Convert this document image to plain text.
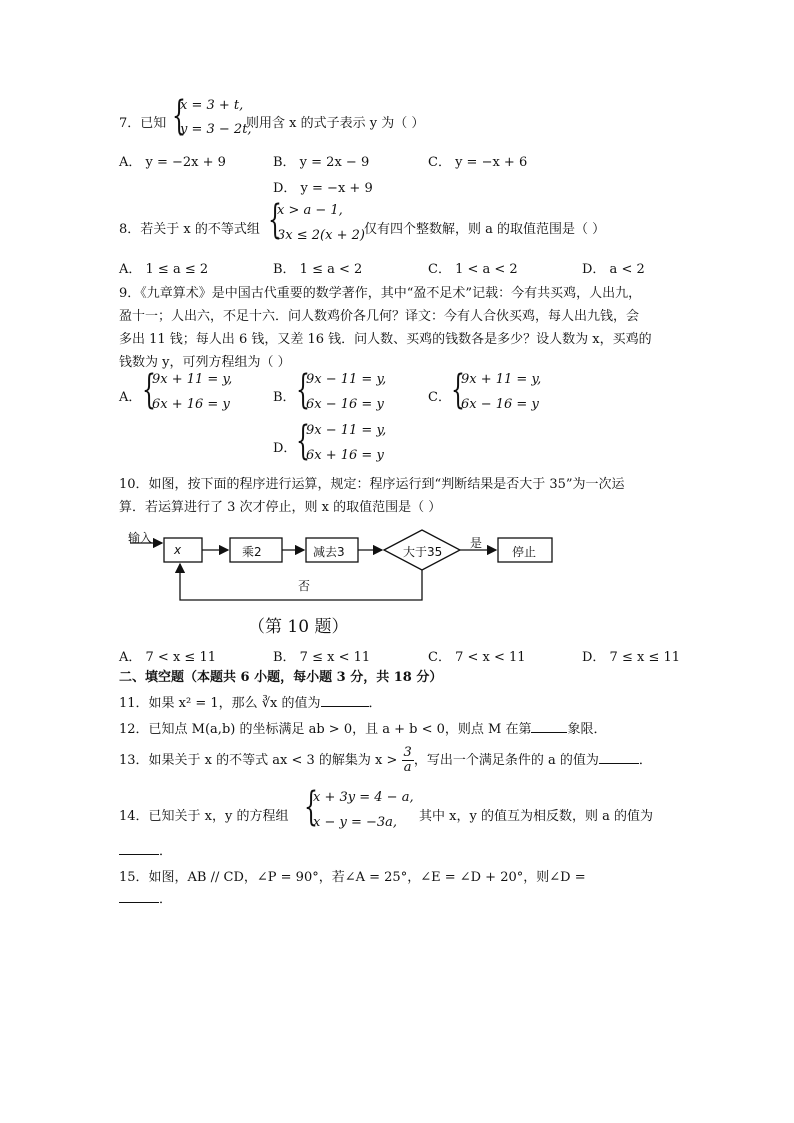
7．已知 {
x = 3 + t,
y = 3 − 2t,
则用含 x 的式子表示 y 为（ ）
A． y = −2x + 9	B． y = 2x − 9	C． y = −x + 6
D． y = −x + 9
8．若关于 x 的不等式组 {
x > a − 1,
3x ≤ 2(x + 2) 仅有四个整数解，则 a 的取值范围是（ ）
A． 1 ≤ a ≤ 2	B． 1 ≤ a < 2	C． 1 < a < 2	D． a < 2
9．《九章算术》是中国古代重要的数学著作，其中“盈不足术”记载：今有共买鸡，人出九，
盈十一；人出六，不足十六．问人数鸡价各几何？译文：今有人合伙买鸡，每人出九钱，会
多出 11 钱；每人出 6 钱，又差 16 钱．问人数、买鸡的钱数各是多少？设人数为 x，买鸡的
钱数为 y，可列方程组为（ ）
A． {
9x + 11 = y,
6x + 16 = y	B． {
9x − 11 = y,
6x − 16 = y	C． {
9x + 11 = y,
6x − 16 = y
D． {
9x − 11 = y,
6x + 16 = y
10．如图，按下面的程序进行运算，规定：程序运行到“判断结果是否大于 35”为一次运
算．若运算进行了 3 次才停止，则 x 的取值范围是（ ）
输入
x	乘2	减去3	大于35
是
停止
否
（第 10 题）
A． 7 < x ≤ 11	B． 7 ≤ x < 11	C． 7 < x < 11	D． 7 ≤ x ≤ 11
二、填空题（本题共 6 小题，每小题 3 分，共 18 分）
11．如果 x² = 1，那么 ∛x 的值为	．
12．已知点 M(a,b) 的坐标满足 ab > 0，且 a + b < 0，则点 M 在第	象限．
13．如果关于 x 的不等式 ax < 3 的解集为 $x > \frac{3}{a}$ ，写出一个满足条件的 a 的值为	．
14．已知关于 x，y 的方程组 {
x + 3y = 4 − a,
x − y = −3a, 其中 x，y 的值互为相反数，则 a 的值为
．
15．如图，AB // CD，∠P = 90°，若∠A = 25°，∠E = ∠D + 20°，则∠D =
．
